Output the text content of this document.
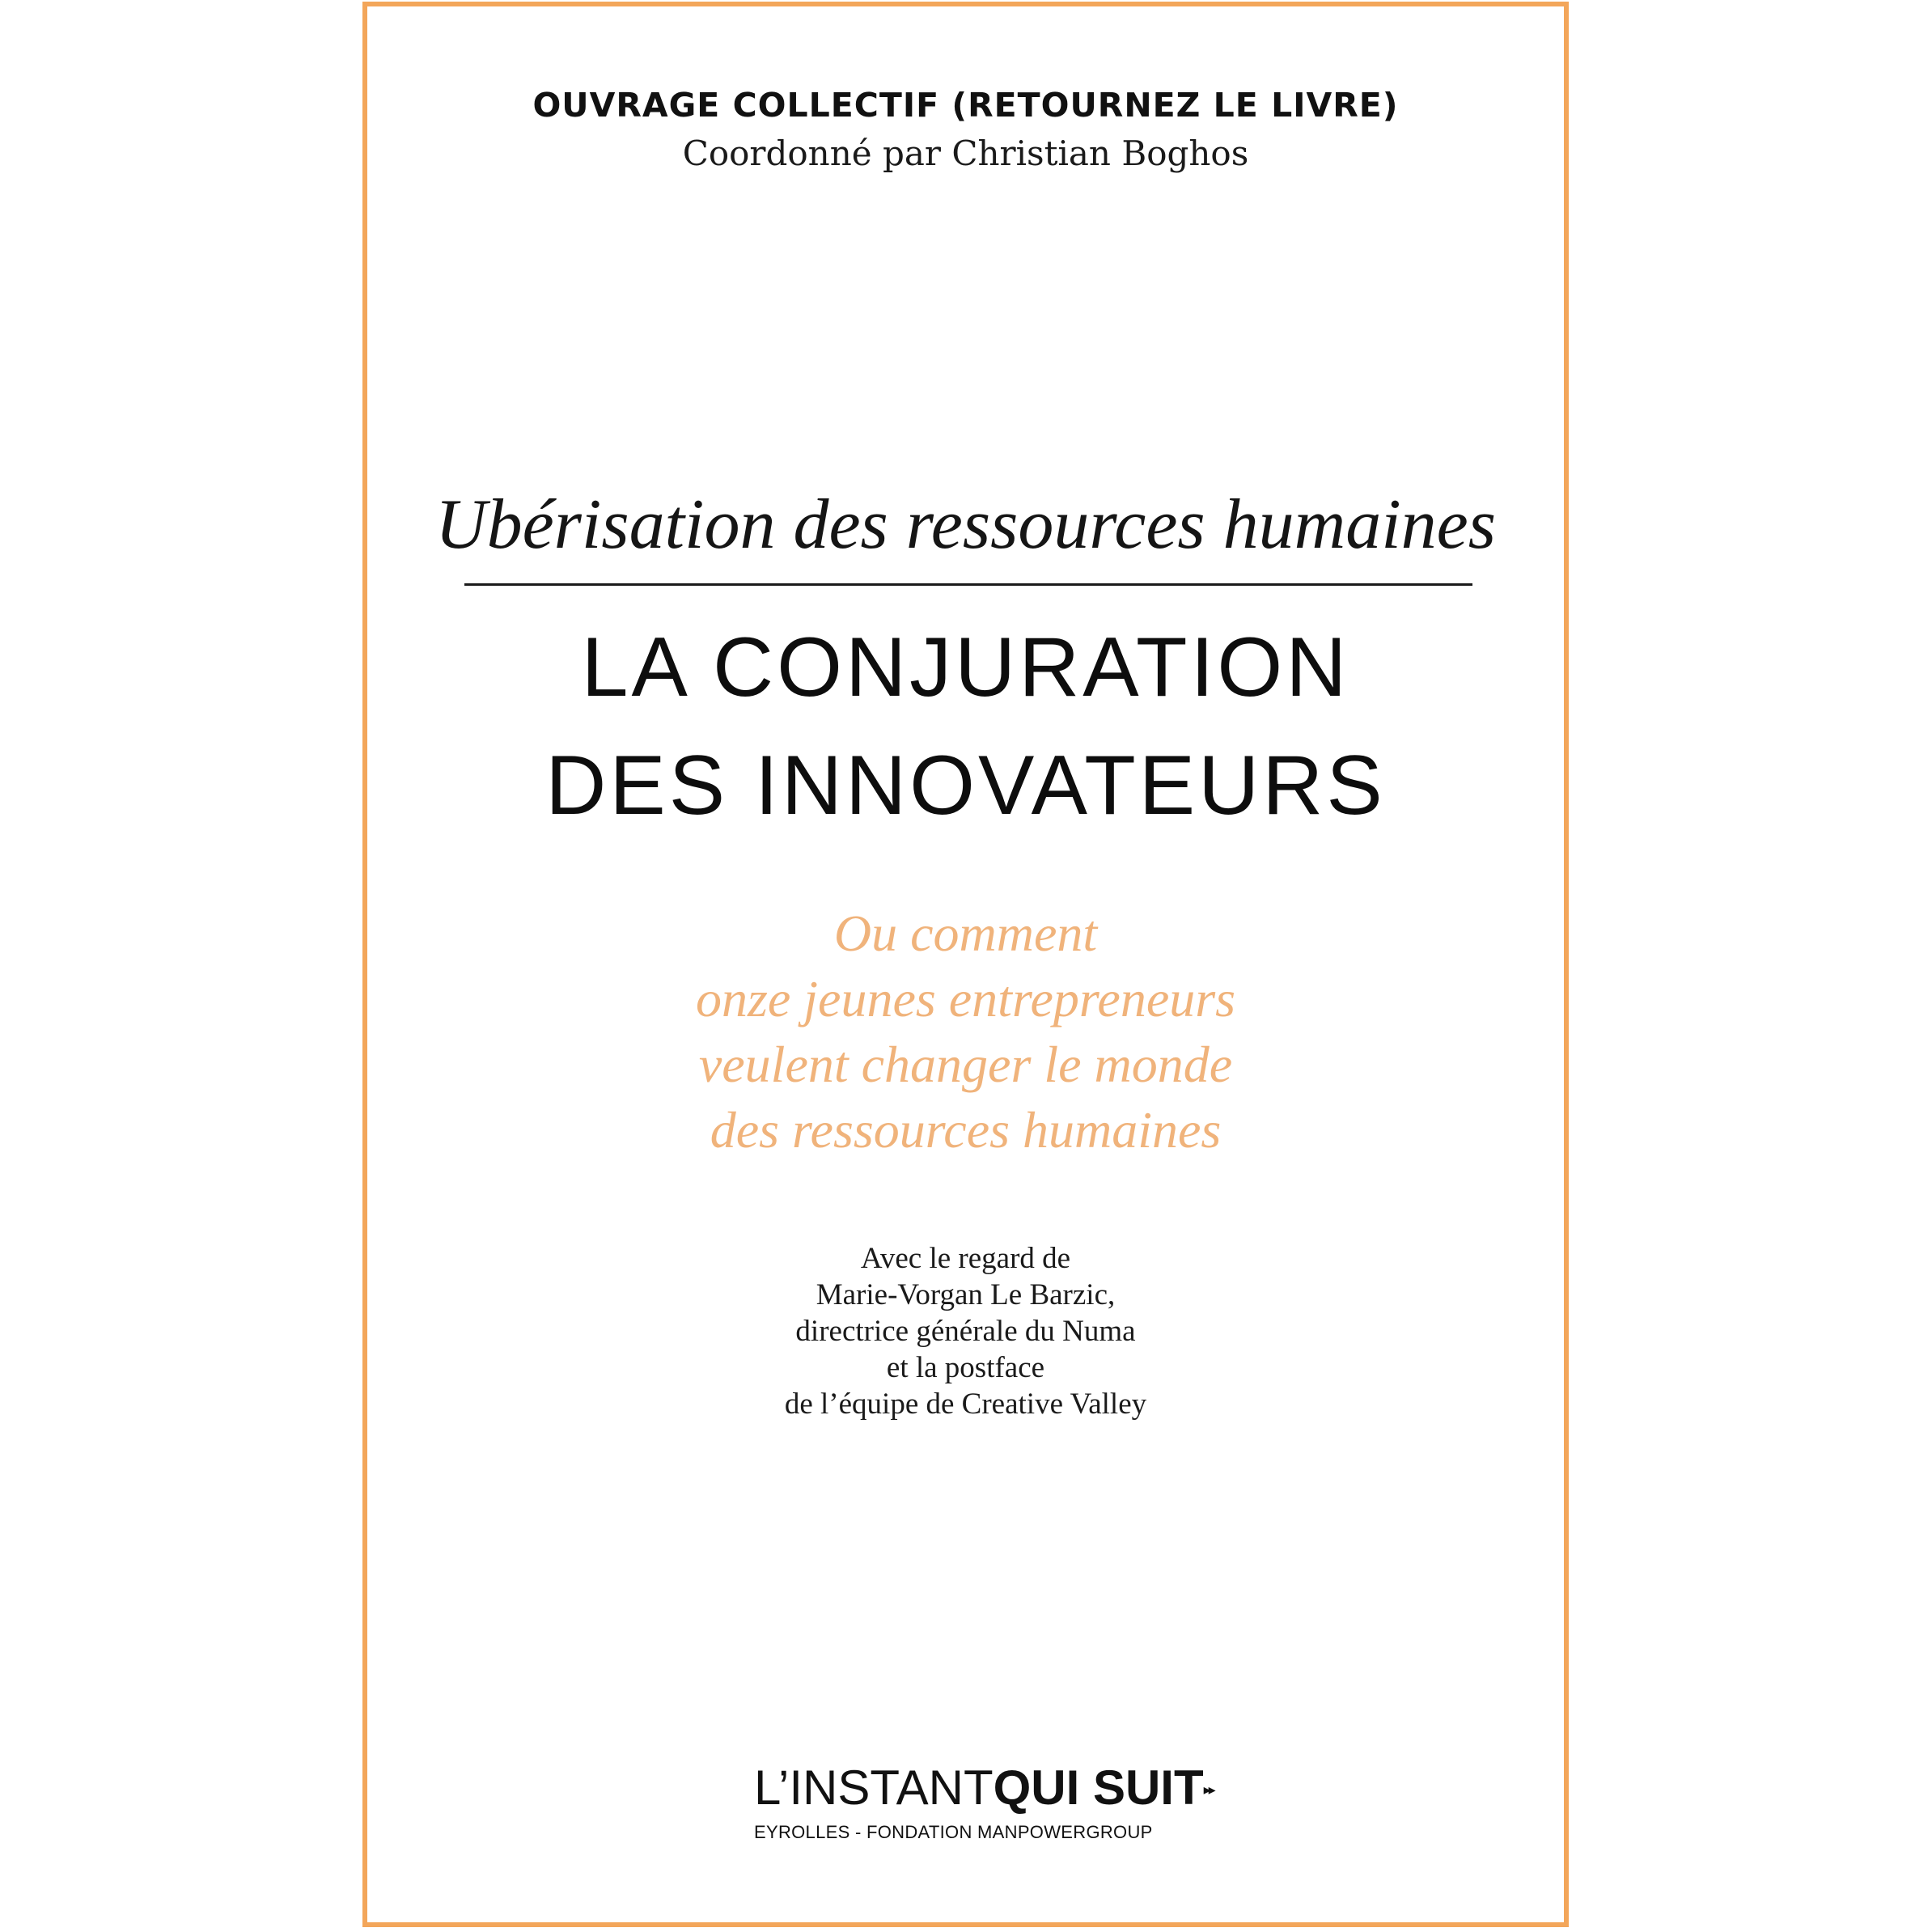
OUVRAGE COLLECTIF (RETOURNEZ LE LIVRE)
Coordonné par Christian Boghos
Ubérisation des ressources humaines
LA CONJURATION
DES INNOVATEURS
Ou comment
onze jeunes entrepreneurs
veulent changer le monde
des ressources humaines
Avec le regard de
Marie-Vorgan Le Barzic,
directrice générale du Numa
et la postface
de l’équipe de Creative Valley
L’INSTANTQUI SUIT▸▸
EYROLLES - FONDATION MANPOWERGROUP
